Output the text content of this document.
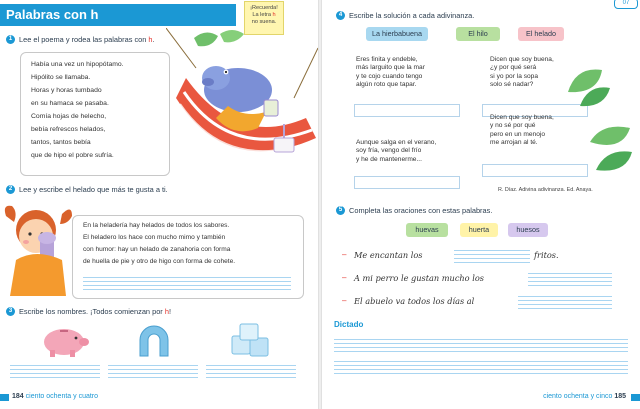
Palabras con h	¡Recuerda!
La letra h
no suena.
1 Lee el poema y rodea las palabras con h.
Había una vez un hipopótamo.
Hipólito se llamaba.
Horas y horas tumbado
en su hamaca se pasaba.
Comía hojas de helecho,
bebía refrescos helados,
tantos, tantos bebía
que de hipo el pobre sufría.
2 Lee y escribe el helado que más te gusta a ti.
En la heladería hay helados de todos los sabores.
El heladero los hace con mucho mimo y también
con humor: hay un helado de zanahoria con forma
de huella de pie y otro de higo con forma de cohete.
3 Escribe los nombres. ¡Todos comienzan por h!
184 ciento ochenta y cuatro
07
4 Escribe la solución a cada adivinanza.
La hierbabuena	El hilo	El helado
Eres finita y endeble,
más larguito que la mar
y te cojo cuando tengo
algún roto que tapar.
Dicen que soy buena,
¿y por qué será
si yo por la sopa
solo sé nadar?
Aunque salga en el verano,
soy fría, vengo del frío
y he de mantenerme...
Dicen que soy buena,
y no sé por qué
pero en un menojo
me arrojan al té.
R. Díaz. Adivina adivinanza. Ed. Anaya.
5 Completa las oraciones con estas palabras.
huevas	huerta	huesos
– Me encantan los	fritos.
– A mi perro le gustan mucho los
– El abuelo va todos los días al
Dictado
ciento ochenta y cinco 185
